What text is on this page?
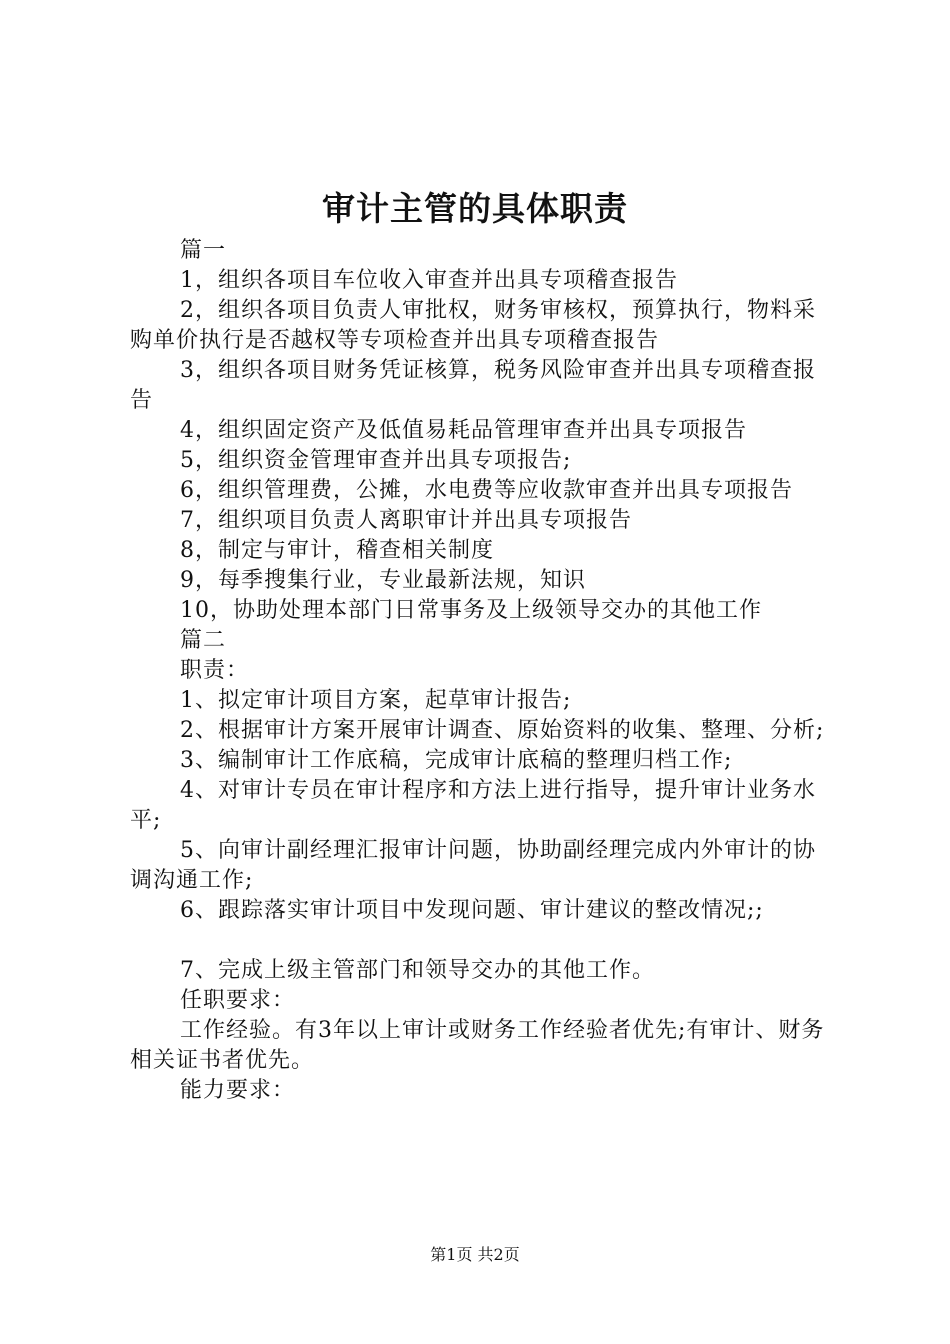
审计主管的具体职责

篇一

1，组织各项目车位收入审查并出具专项稽查报告

2，组织各项目负责人审批权，财务审核权，预算执行，物料采购单价执行是否越权等专项检查并出具专项稽查报告

3，组织各项目财务凭证核算，税务风险审查并出具专项稽查报告

4，组织固定资产及低值易耗品管理审查并出具专项报告

5，组织资金管理审查并出具专项报告;

6，组织管理费，公摊，水电费等应收款审查并出具专项报告

7，组织项目负责人离职审计并出具专项报告

8，制定与审计，稽查相关制度

9，每季搜集行业，专业最新法规，知识

10，协助处理本部门日常事务及上级领导交办的其他工作

篇二

职责：

1、拟定审计项目方案，起草审计报告;

2、根据审计方案开展审计调查、原始资料的收集、整理、分析;

3、编制审计工作底稿，完成审计底稿的整理归档工作;

4、对审计专员在审计程序和方法上进行指导，提升审计业务水平;

5、向审计副经理汇报审计问题，协助副经理完成内外审计的协调沟通工作;

6、跟踪落实审计项目中发现问题、审计建议的整改情况;;

7、完成上级主管部门和领导交办的其他工作。

任职要求：

工作经验。有3年以上审计或财务工作经验者优先;有审计、财务相关证书者优先。

能力要求：

第1页 共2页
